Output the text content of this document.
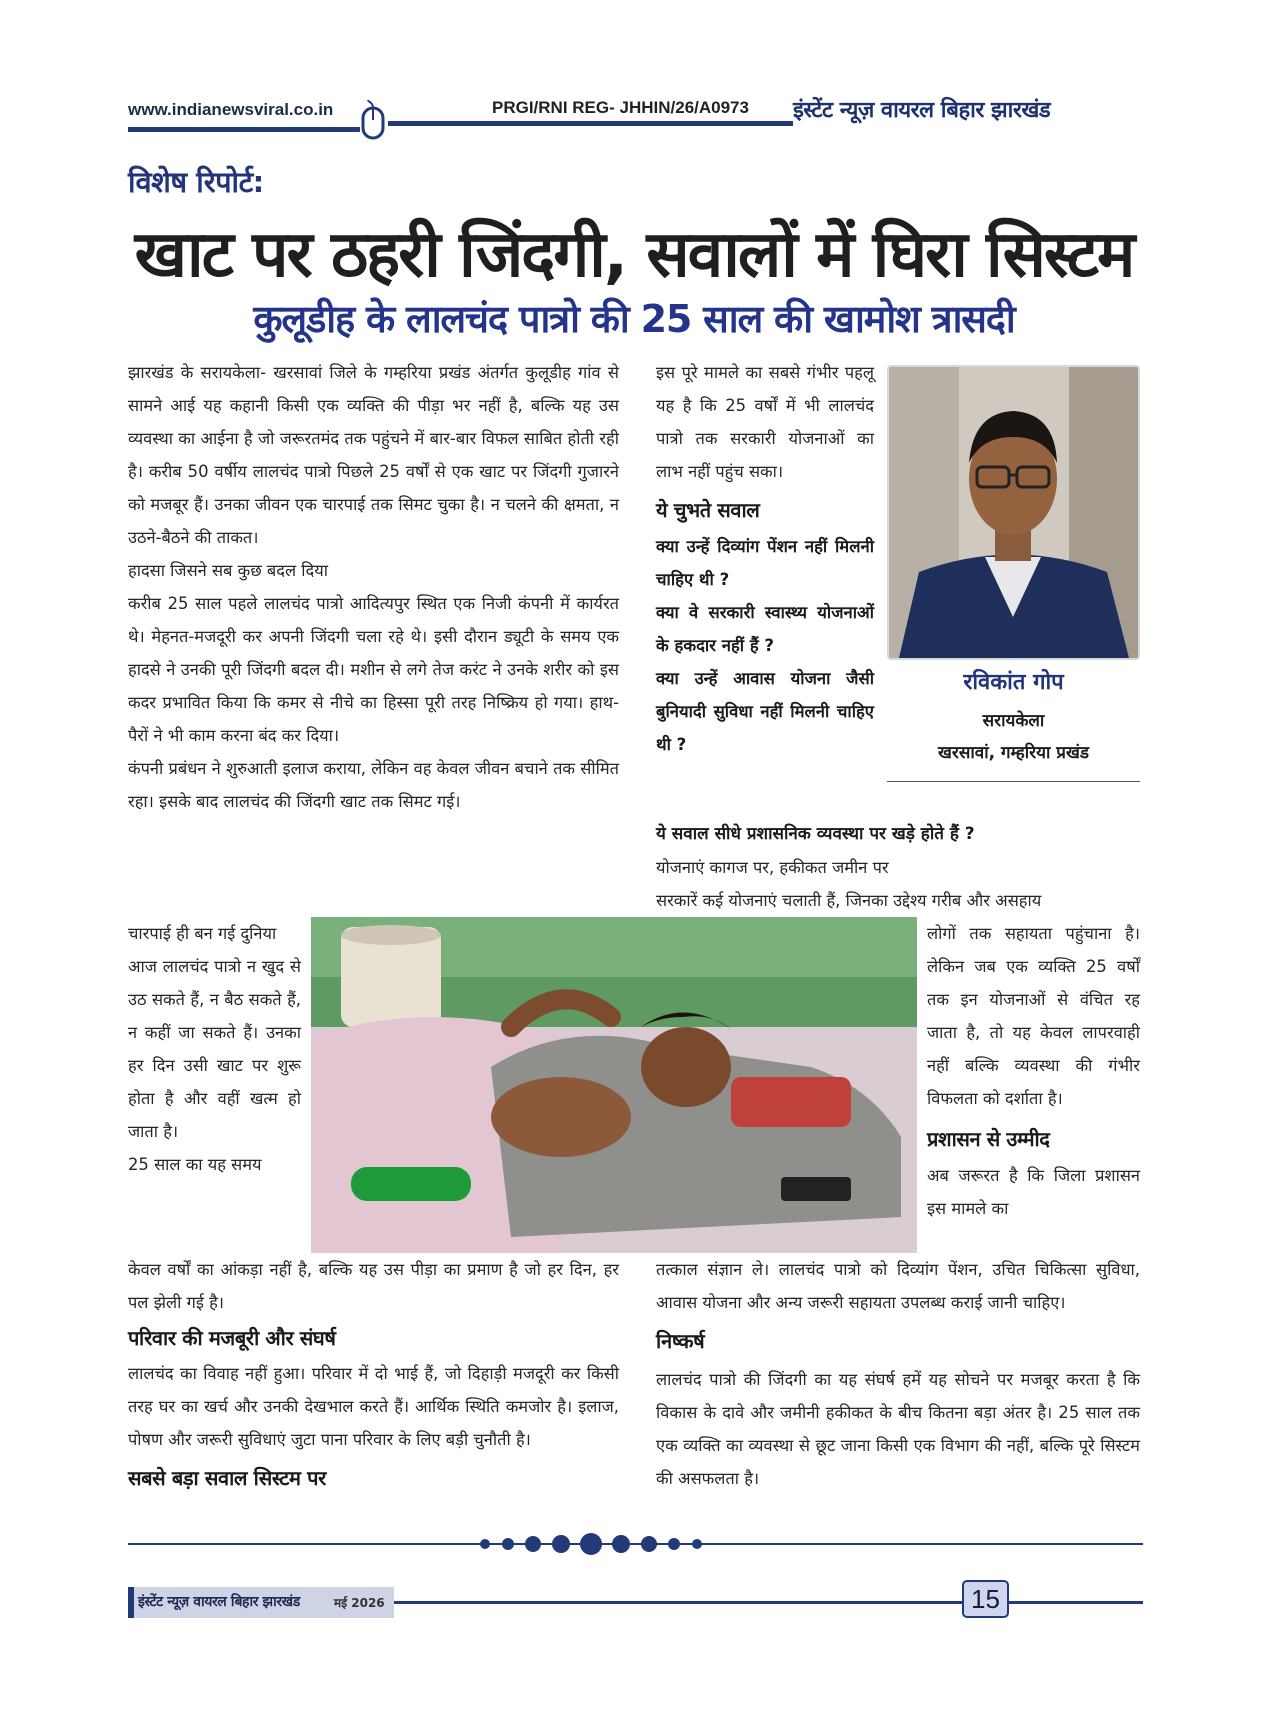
www.indianewsviral.co.in	PRGI/RNI REG- JHHIN/26/A0973 इंस्टेंट न्यूज़ वायरल बिहार झारखंड
विशेष रिपोर्ट:
खाट पर ठहरी जिंदगी, सवालों में घिरा सिस्टम
कुलूडीह के लालचंद पात्रो की 25 साल की खामोश त्रासदी

झारखंड के सरायकेला- खरसावां जिले के गम्हरिया प्रखंड अंतर्गत कुलूडीह गांव से सामने आई यह कहानी किसी एक व्यक्ति की पीड़ा भर नहीं है, बल्कि यह उस व्यवस्था का आईना है जो जरूरतमंद तक पहुंचने में बार-बार विफल साबित होती रही है। करीब 50 वर्षीय लालचंद पात्रो पिछले 25 वर्षों से एक खाट पर जिंदगी गुजारने को मजबूर हैं। उनका जीवन एक चारपाई तक सिमट चुका है। न चलने की क्षमता, न उठने-बैठने की ताकत।

हादसा जिसने सब कुछ बदल दिया

करीब 25 साल पहले लालचंद पात्रो आदित्यपुर स्थित एक निजी कंपनी में कार्यरत थे। मेहनत-मजदूरी कर अपनी जिंदगी चला रहे थे। इसी दौरान ड्यूटी के समय एक हादसे ने उनकी पूरी जिंदगी बदल दी। मशीन से लगे तेज करंट ने उनके शरीर को इस कदर प्रभावित किया कि कमर से नीचे का हिस्सा पूरी तरह निष्क्रिय हो गया। हाथ-पैरों ने भी काम करना बंद कर दिया।

कंपनी प्रबंधन ने शुरुआती इलाज कराया, लेकिन वह केवल जीवन बचाने तक सीमित रहा। इसके बाद लालचंद की जिंदगी खाट तक सिमट गई।

चारपाई ही बन गई दुनिया

आज लालचंद पात्रो न खुद से उठ सकते हैं, न बैठ सकते हैं, न कहीं जा सकते हैं। उनका हर दिन उसी खाट पर शुरू होता है और वहीं खत्म हो जाता है।

25 साल का यह समय

केवल वर्षों का आंकड़ा नहीं है, बल्कि यह उस पीड़ा का प्रमाण है जो हर दिन, हर पल झेली गई है।

परिवार की मजबूरी और संघर्ष

लालचंद का विवाह नहीं हुआ। परिवार में दो भाई हैं, जो दिहाड़ी मजदूरी कर किसी तरह घर का खर्च और उनकी देखभाल करते हैं। आर्थिक स्थिति कमजोर है। इलाज, पोषण और जरूरी सुविधाएं जुटा पाना परिवार के लिए बड़ी चुनौती है।

सबसे बड़ा सवाल सिस्टम पर

इस पूरे मामले का सबसे गंभीर पहलू यह है कि 25 वर्षों में भी लालचंद पात्रो तक सरकारी योजनाओं का लाभ नहीं पहुंच सका।

ये चुभते सवाल

क्या उन्हें दिव्यांग पेंशन नहीं मिलनी चाहिए थी ?

क्या वे सरकारी स्वास्थ्य योजनाओं के हकदार नहीं हैं ?

क्या उन्हें आवास योजना जैसी बुनियादी सुविधा नहीं मिलनी चाहिए थी ?

रविकांत गोप
सरायकेला
खरसावां, गम्हरिया प्रखंड
ये सवाल सीधे प्रशासनिक व्यवस्था पर खड़े होते हैं ?

योजनाएं कागज पर, हकीकत जमीन पर

सरकारें कई योजनाएं चलाती हैं, जिनका उद्देश्य गरीब और असहाय

लोगों तक सहायता पहुंचाना है। लेकिन जब एक व्यक्ति 25 वर्षों तक इन योजनाओं से वंचित रह जाता है, तो यह केवल लापरवाही नहीं बल्कि व्यवस्था की गंभीर विफलता को दर्शाता है।

प्रशासन से उम्मीद

अब जरूरत है कि जिला प्रशासन इस मामले का

तत्काल संज्ञान ले। लालचंद पात्रो को दिव्यांग पेंशन, उचित चिकित्सा सुविधा, आवास योजना और अन्य जरूरी सहायता उपलब्ध कराई जानी चाहिए।

निष्कर्ष

लालचंद पात्रो की जिंदगी का यह संघर्ष हमें यह सोचने पर मजबूर करता है कि विकास के दावे और जमीनी हकीकत के बीच कितना बड़ा अंतर है। 25 साल तक एक व्यक्ति का व्यवस्था से छूट जाना किसी एक विभाग की नहीं, बल्कि पूरे सिस्टम की असफलता है।

इंस्टेंट न्यूज़ वायरल बिहार झारखंड	मई 2026	15
